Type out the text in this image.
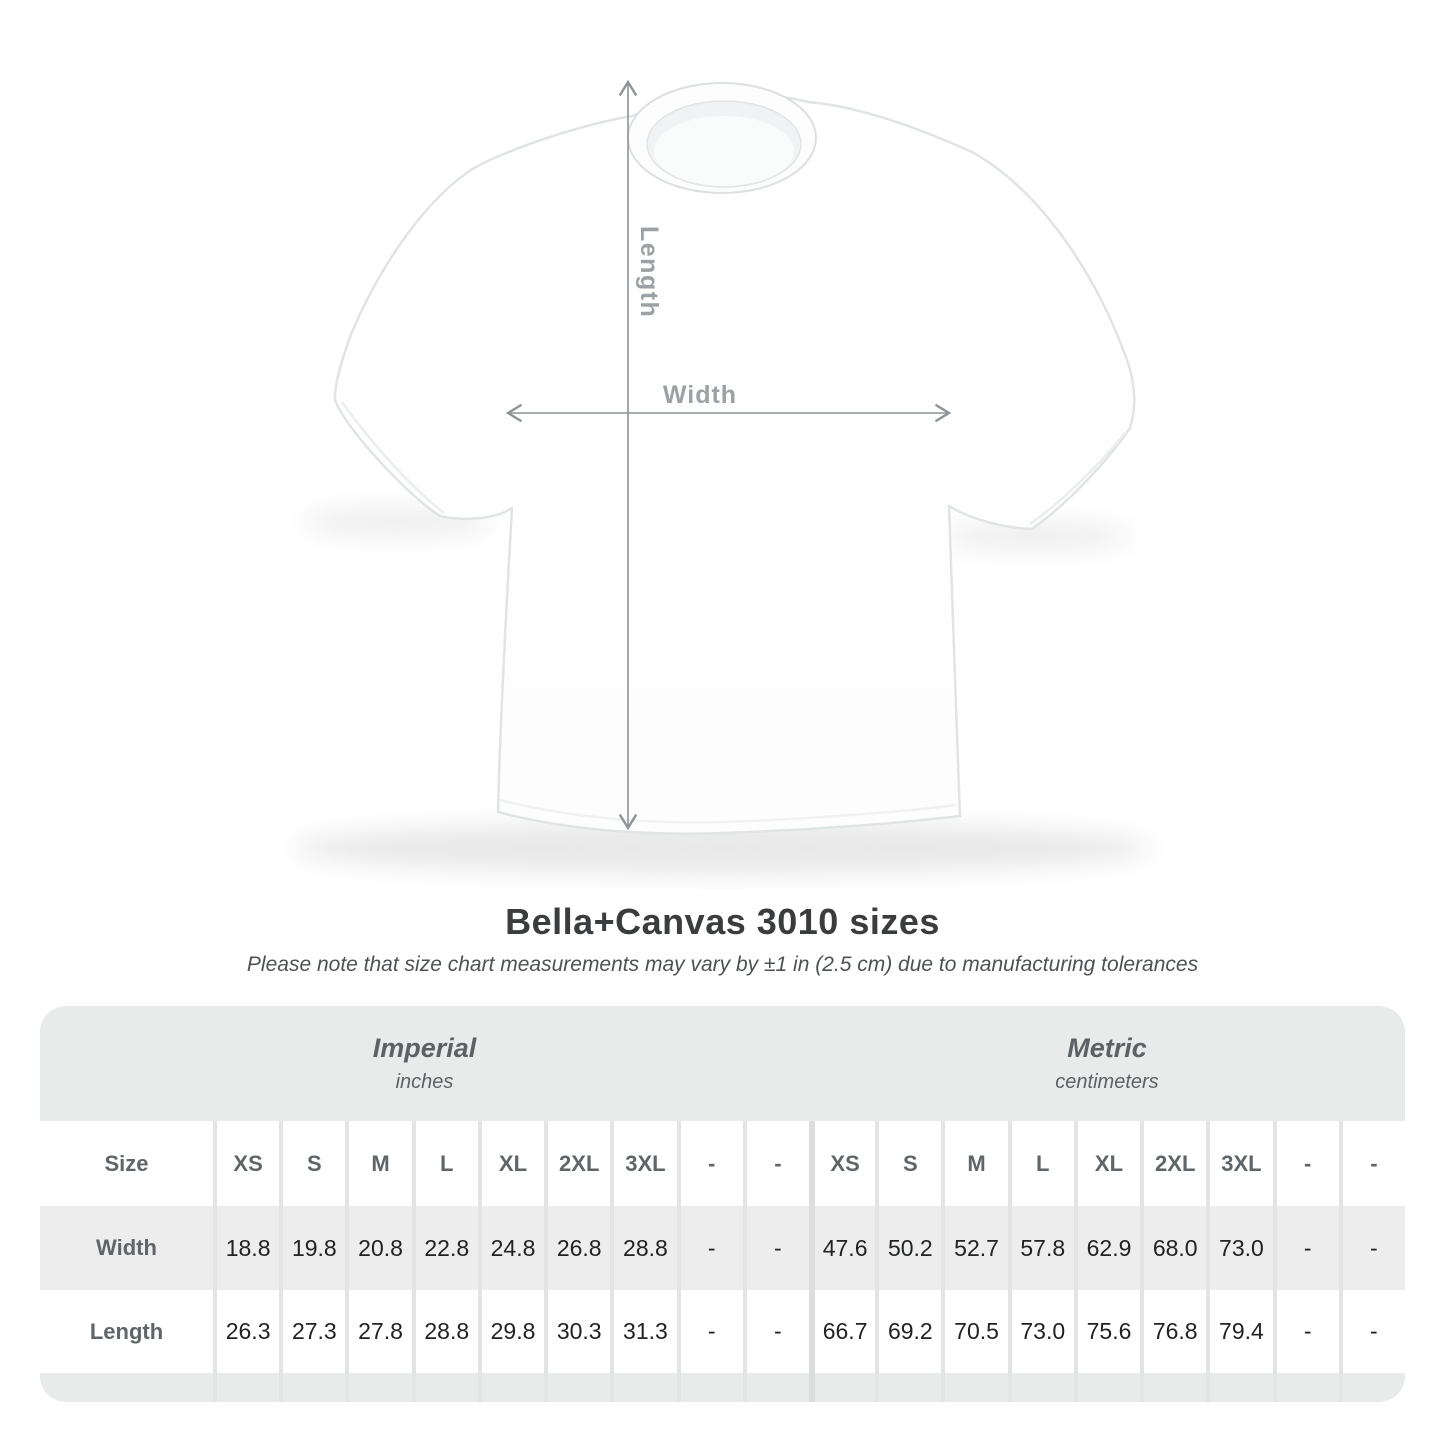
Length
Width
Bella+Canvas 3010 sizes

Please note that size chart measurements may vary by ±1 in (2.5 cm) due to manufacturing tolerances

Imperial
inches
Metric
centimeters
Size	XS	S	M	L	XL	2XL	3XL	-	-	XS	S	M	L	XL	2XL	3XL	-	-
Width	18.8 19.8 20.8 22.8 24.8 26.8 28.8	-	-	47.6 50.2 52.7 57.8 62.9 68.0 73.0	-	-
Length	26.3 27.3 27.8 28.8 29.8 30.3 31.3	-	-	66.7 69.2 70.5 73.0 75.6 76.8 79.4	-	-
